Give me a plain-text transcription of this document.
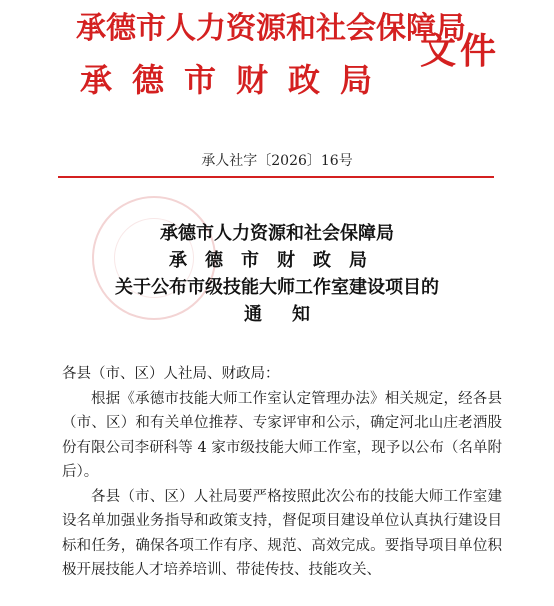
承德市人力资源和社会保障局
承德市财政局
文件
承人社字〔2026〕16号
承德市人力资源和社会保障局
承德市财政局
关于公布市级技能大师工作室建设项目的
通知

各县（市、区）人社局、财政局：

根据《承德市技能大师工作室认定管理办法》相关规定，经各县（市、区）和有关单位推荐、专家评审和公示，确定河北山庄老酒股份有限公司李研科等 4 家市级技能大师工作室，现予以公布（名单附后）。

各县（市、区）人社局要严格按照此次公布的技能大师工作室建设名单加强业务指导和政策支持，督促项目建设单位认真执行建设目标和任务，确保各项工作有序、规范、高效完成。要指导项目单位积极开展技能人才培养培训、带徒传技、技能攻关、
